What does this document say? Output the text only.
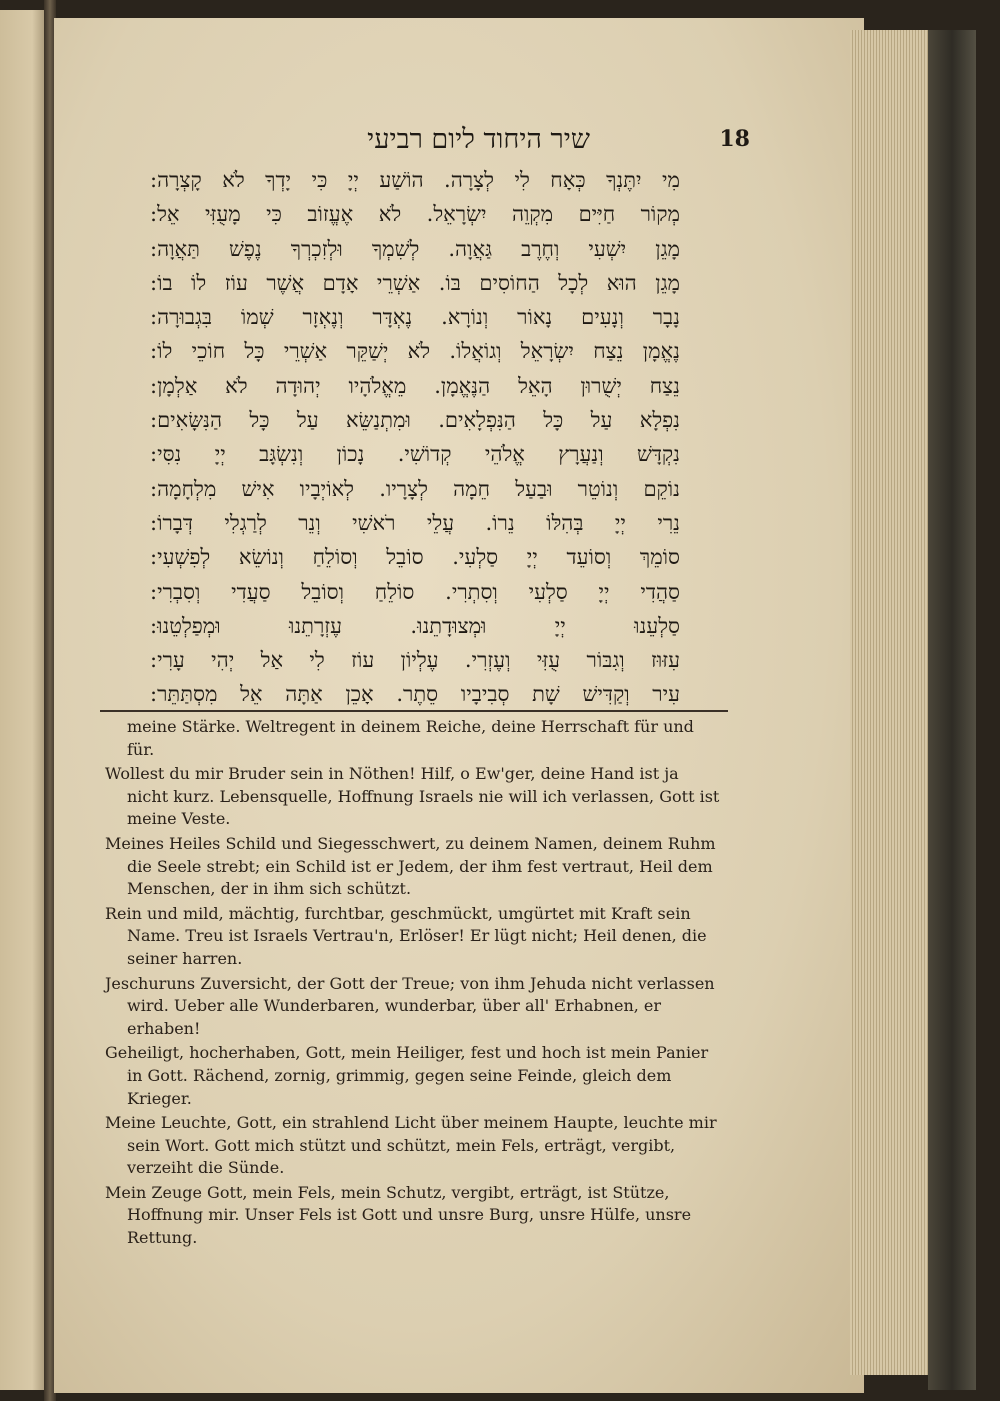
שיר היחוד ליום רביעי	18
מִי יִתֶּנְךָ כְּאָח לִי לְצָרָה. הוֹשַׁע יְיָ כִּי יָדְךָ לֹא קָצְרָה:
מְקוֹר חַיִּים מִקְוֵה יִשְׂרָאֵל. לֹא אֶעֱזוֹב כִּי מָעֻזִּי אֵל:
מָגֵן יִשְׁעִי וְחֶרֶב גַּאֲוָה. לְשִׁמְךָ וּלְזִכְרְךָ נֶפֶשׁ תַּאֲוָה:
מָגֵן הוּא לְכָל הַחוֹסִים בּוֹ. אַשְׁרֵי אָדָם אֲשֶׁר עוֹז לוֹ בוֹ:
נָבָר וְנָעִים נָאוֹר וְנוֹרָא. נֶאְדָּר וְנֶאְזָר שְׁמוֹ בִּגְבוּרָה:
נֶאֱמָן נֵצַח יִשְׂרָאֵל וְגוֹאֲלוֹ. לֹא יְשַׁקֵּר אַשְׁרֵי כָּל חוֹכֵי לוֹ:
נֵצַח יְשֻׁרוּן הָאֵל הַנֶּאֱמָן. מֵאֱלֹהָיו יְהוּדָה לֹא אַלְמָן:
נִפְלָא עַל כָּל הַנִּפְלָאִים. וּמִתְנַשֵּׂא עַל כָּל הַנִּשָּׂאִים:
נִקְדָּשׁ וְנַעֲרָץ אֱלֹהֵי קְדוֹשִׁי. נָכוֹן וְנִשְׂגָּב יְיָ נִסִּי:
נוֹקֵם וְנוֹטֵר וּבַעַל חֵמָה לְצָרָיו. לְאוֹיְבָיו אִישׁ מִלְחָמָה:
נֵרִי יְיָ בְּהִלּוֹ נֵרוֹ. עֲלֵי רֹאשִׁי וְנֵר לְרַגְלִי דְּבָרוֹ:
סוֹמֵךְ וְסוֹעֵד יְיָ סַלְעִי. סוֹבֵל וְסוֹלֵחַ וְנוֹשֵׂא לְפִשְׁעִי:
סַהֲדִי יְיָ סַלְעִי וְסִתְרִי. סוֹלֵחַ וְסוֹבֵל סַעֲדִי וְסִבְרִי:
סַלְעֵנוּ יְיָ וּמְצוּדָתֵנוּ. עֶזְרָתֵנוּ וּמְפַלְטֵנוּ:
עִזּוּז וְגִבּוֹר עֻזִּי וְעֶזְרִי. עֶלְיוֹן עוֹז לִי אַל יְהִי עָרִי:
עִיר וְקַדִּישׁ שָׁת סְבִיבָיו סֵתֶר. אָכֵן אַתָּה אֵל מִסְתַּתֵּר:

meine Stärke. Weltregent in deinem Reiche, deine Herrschaft für und für.

Wollest du mir Bruder sein in Nöthen! Hilf, o Ew'ger, deine Hand ist ja nicht kurz. Lebensquelle, Hoffnung Israels nie will ich verlassen, Gott ist meine Veste.

Meines Heiles Schild und Siegesschwert, zu deinem Namen, deinem Ruhm die Seele strebt; ein Schild ist er Jedem, der ihm fest vertraut, Heil dem Menschen, der in ihm sich schützt.

Rein und mild, mächtig, furchtbar, geschmückt, umgürtet mit Kraft sein Name. Treu ist Israels Vertrau'n, Erlöser! Er lügt nicht; Heil denen, die seiner harren.

Jeschuruns Zuversicht, der Gott der Treue; von ihm Jehuda nicht verlassen wird. Ueber alle Wunderbaren, wunderbar, über all' Erhabnen, er erhaben!

Geheiligt, hocherhaben, Gott, mein Heiliger, fest und hoch ist mein Panier in Gott. Rächend, zornig, grimmig, gegen seine Feinde, gleich dem Krieger.

Meine Leuchte, Gott, ein strahlend Licht über meinem Haupte, leuchte mir sein Wort. Gott mich stützt und schützt, mein Fels, erträgt, vergibt, verzeiht die Sünde.

Mein Zeuge Gott, mein Fels, mein Schutz, vergibt, erträgt, ist Stütze, Hoffnung mir. Unser Fels ist Gott und unsre Burg, unsre Hülfe, unsre Rettung.
